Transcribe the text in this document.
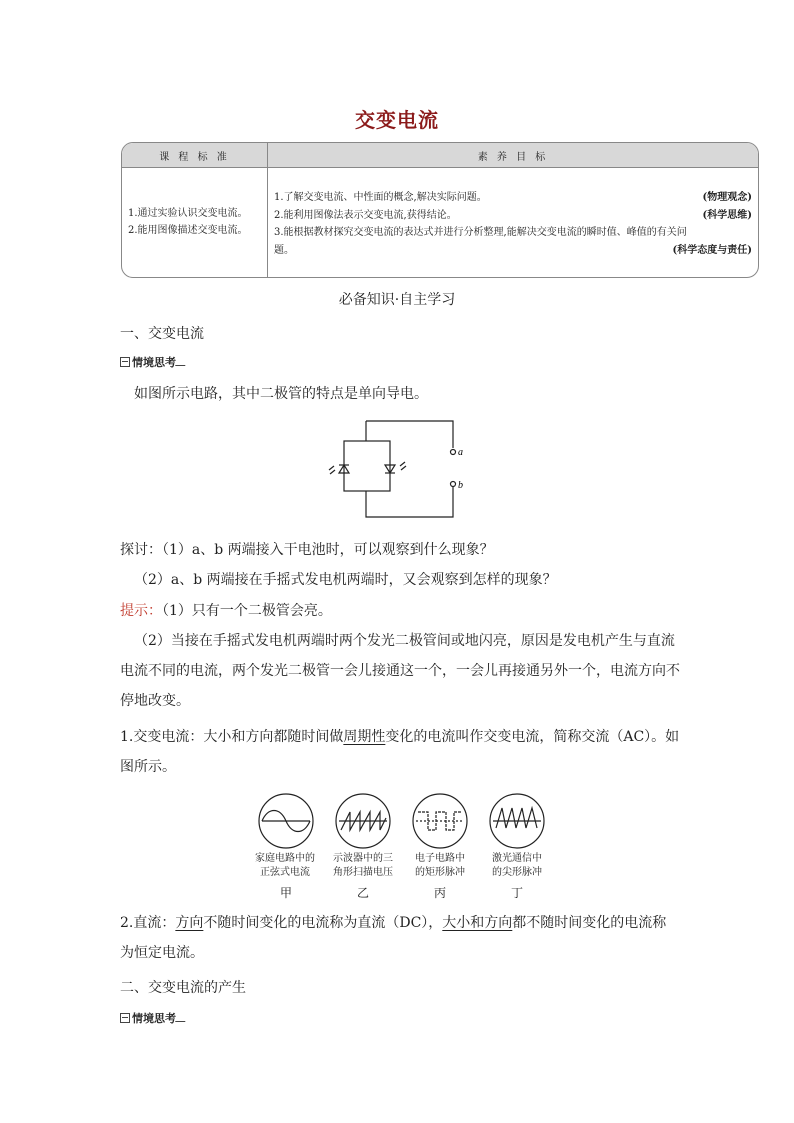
交变电流
课 程 标 准	素 养 目 标
1.通过实验认识交变电流。
2.能用图像描述交变电流。
1.了解交变电流、中性面的概念,解决实际问题。	(物理观念)
2.能利用图像法表示交变电流,获得结论。	(科学思维)
3.能根据教材探究交变电流的表达式并进行分析整理,能解决交变电流的瞬时值、峰值的有关问
题。	(科学态度与责任)
必备知识·自主学习
一、交变电流
情境思考
如图所示电路，其中二极管的特点是单向导电。
a
b
探讨：（1）a、b 两端接入干电池时，可以观察到什么现象？
（2）a、b 两端接在手摇式发电机两端时，又会观察到怎样的现象？
提示：（1）只有一个二极管会亮。
（2）当接在手摇式发电机两端时两个发光二极管间或地闪亮，原因是发电机产生与直流电流不同的电流，两个发光二极管一会儿接通这一个，一会儿再接通另外一个，电流方向不停地改变。
1.交变电流：大小和方向都随时间做周期性变化的电流叫作交变电流，简称交流（AC）。如图所示。
家庭电路中的
正弦式电流
示波器中的三
角形扫描电压
电子电路中
的矩形脉冲
激光通信中
的尖形脉冲
甲	乙	丙	丁
2.直流：方向不随时间变化的电流称为直流（DC），大小和方向都不随时间变化的电流称为恒定电流。
二、交变电流的产生
情境思考
